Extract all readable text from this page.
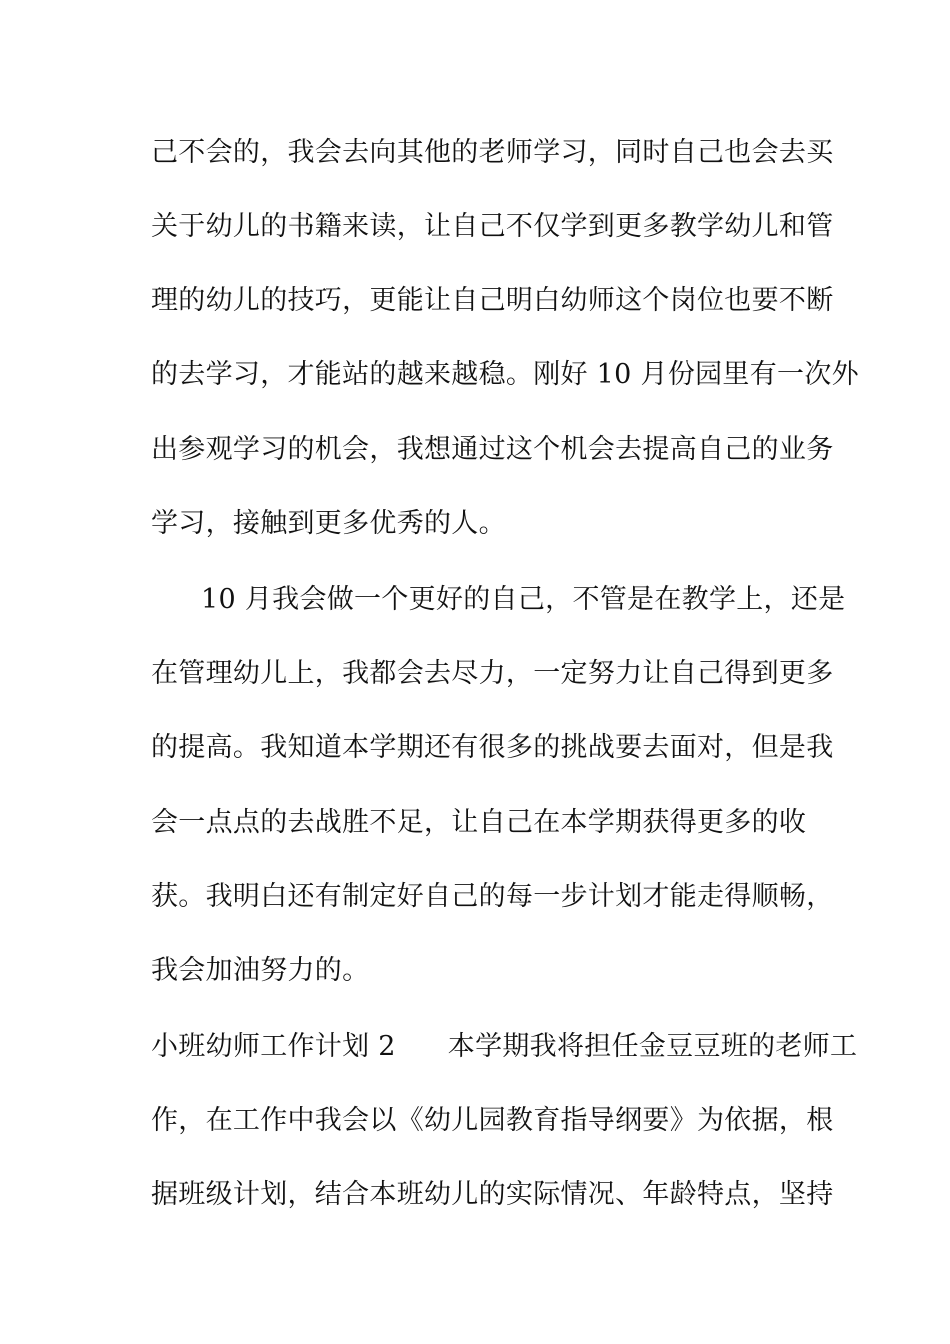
己不会的，我会去向其他的老师学习，同时自己也会去买
关于幼儿的书籍来读，让自己不仅学到更多教学幼儿和管
理的幼儿的技巧，更能让自己明白幼师这个岗位也要不断
的去学习，才能站的越来越稳。刚好 10 月份园里有一次外
出参观学习的机会，我想通过这个机会去提高自己的业务
学习，接触到更多优秀的人。
10 月我会做一个更好的自己，不管是在教学上，还是
在管理幼儿上，我都会去尽力，一定努力让自己得到更多
的提高。我知道本学期还有很多的挑战要去面对，但是我
会一点点的去战胜不足，让自己在本学期获得更多的收
获。我明白还有制定好自己的每一步计划才能走得顺畅，
我会加油努力的。
小班幼师工作计划 2 本学期我将担任金豆豆班的老师工
作，在工作中我会以《幼儿园教育指导纲要》为依据，根
据班级计划，结合本班幼儿的实际情况、年龄特点，坚持
